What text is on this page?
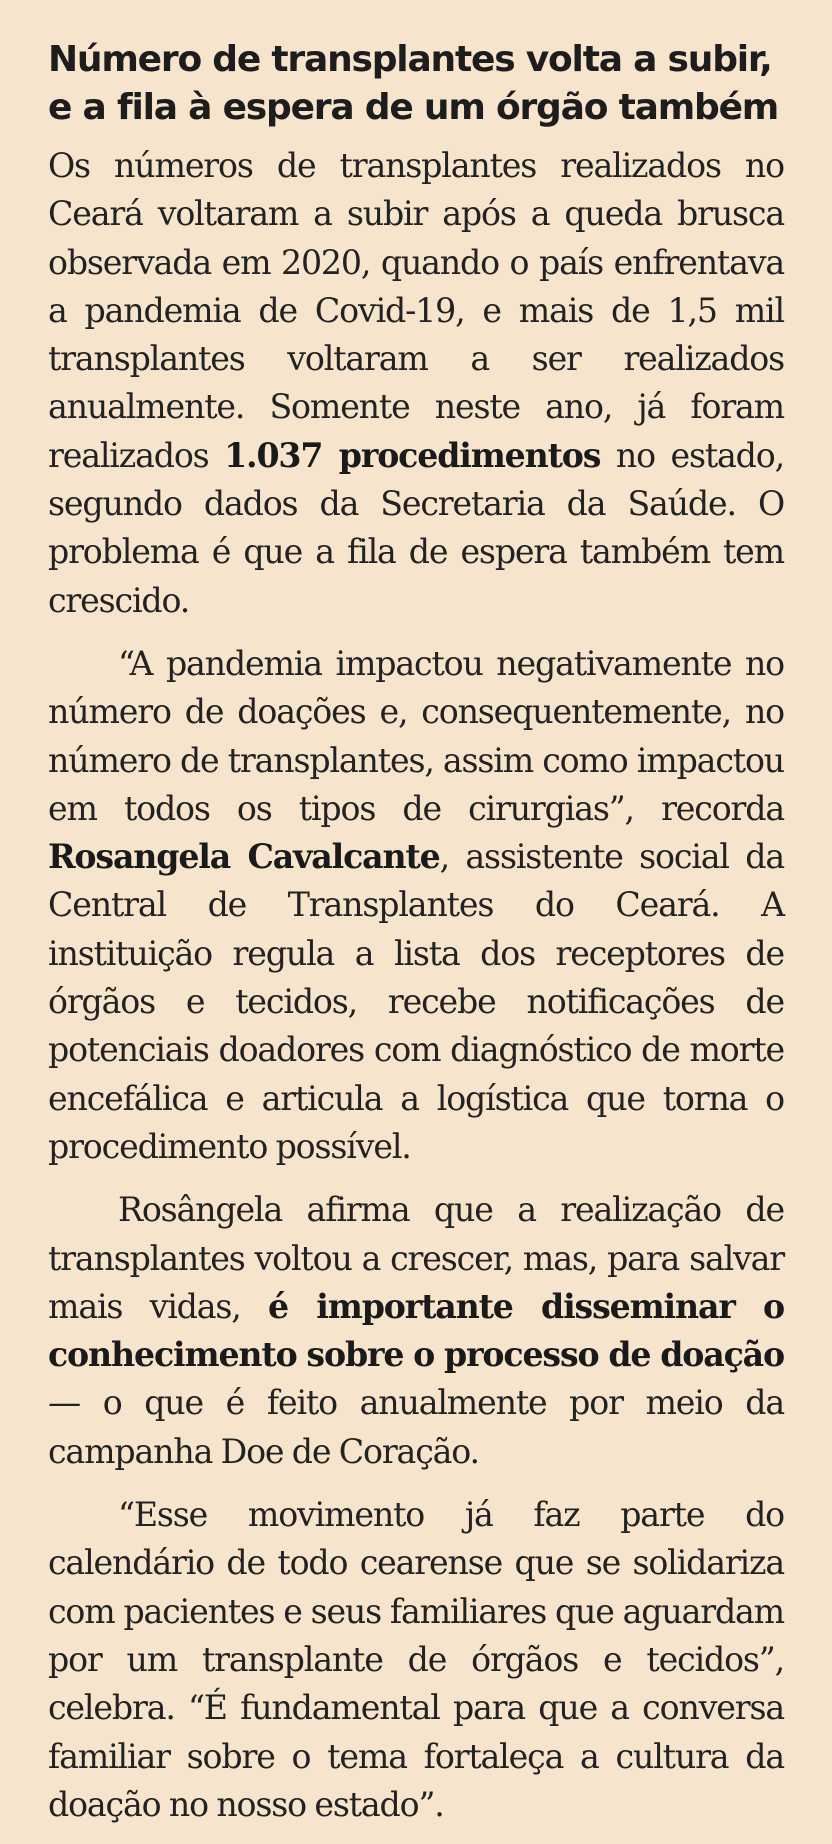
Número de transplantes volta a subir, e a fila à espera de um órgão também

Os números de transplantes realizados no Ceará voltaram a subir após a queda brusca observada em 2020, quando o país enfrentava a pandemia de Covid-19, e mais de 1,5 mil transplantes voltaram a ser realizados anualmente. Somente neste ano, já foram realizados 1.037 procedimentos no estado, segundo dados da Secretaria da Saúde. O problema é que a fila de espera também tem crescido.

“A pandemia impactou negativamente no número de doações e, consequentemente, no número de transplantes, assim como impactou em todos os tipos de cirurgias”, recorda Rosangela Cavalcante, assistente social da Central de Transplantes do Ceará. A instituição regula a lista dos receptores de órgãos e tecidos, recebe notificações de potenciais doadores com diagnóstico de morte encefálica e articula a logística que torna o procedimento possível.

Rosângela afirma que a realização de transplantes voltou a crescer, mas, para salvar mais vidas, é importante disseminar o conhecimento sobre o processo de doação — o que é feito anualmente por meio da campanha Doe de Coração.

“Esse movimento já faz parte do calendário de todo cearense que se solidariza com pacientes e seus familiares que aguardam por um transplante de órgãos e tecidos”, celebra. “É fundamental para que a conversa familiar sobre o tema fortaleça a cultura da doação no nosso estado”.
